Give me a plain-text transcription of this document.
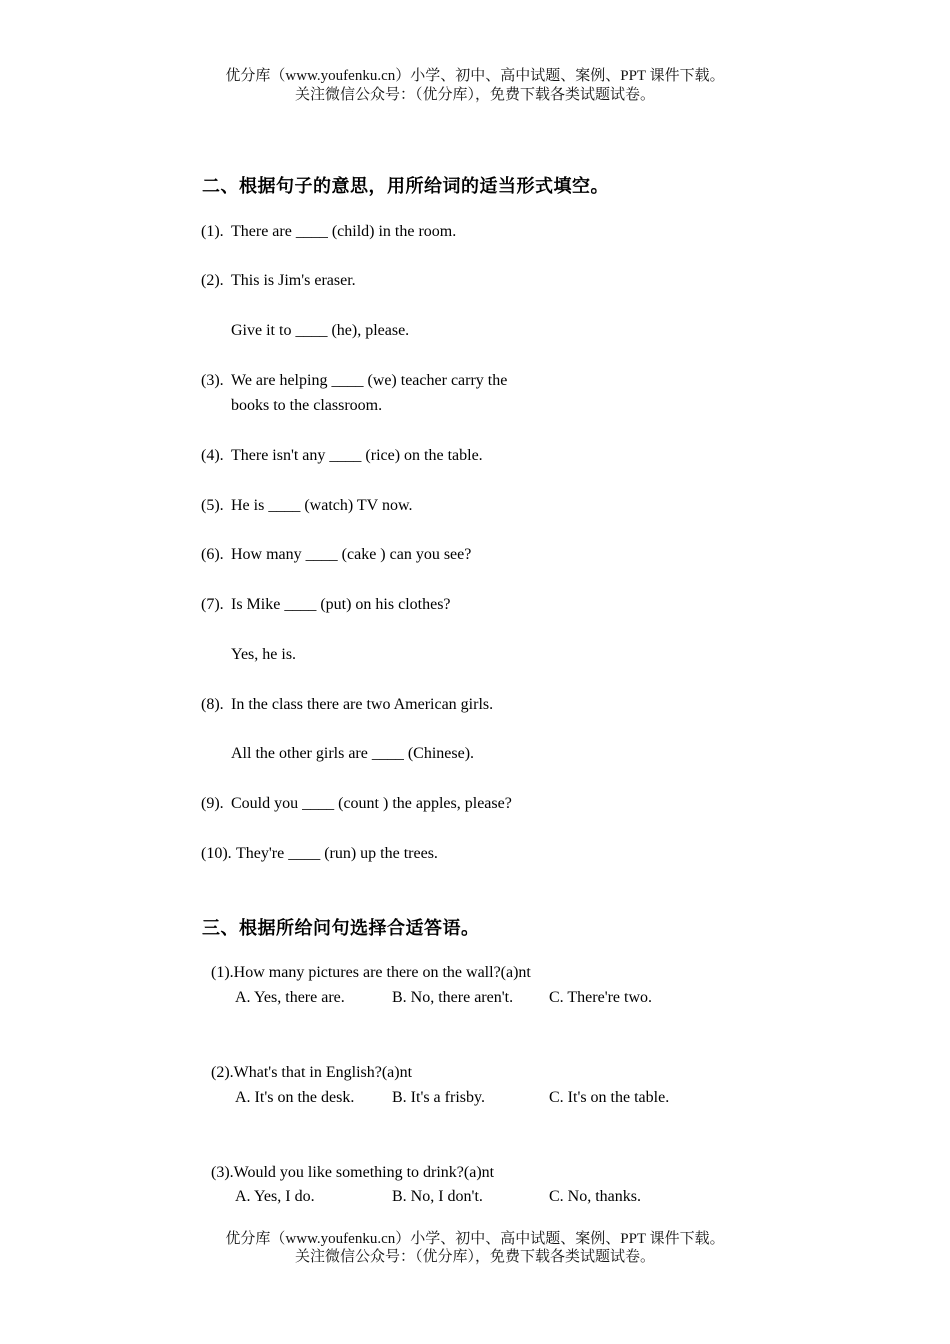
优分库（www.youfenku.cn）小学、初中、高中试题、案例、PPT 课件下载。
关注微信公众号：（优分库），免费下载各类试题试卷。
二、根据句子的意思，用所给词的适当形式填空。
(1). There are ____ (child) in the room.
(2). This is Jim's eraser.
Give it to ____ (he), please.
(3). We are helping ____ (we) teacher carry the
books to the classroom.
(4). There isn't any ____ (rice) on the table.
(5). He is ____ (watch) TV now.
(6). How many ____ (cake ) can you see?
(7). Is Mike ____ (put) on his clothes?
Yes, he is.
(8). In the class there are two American girls.
All the other girls are ____ (Chinese).
(9). Could you ____ (count ) the apples, please?
(10). They're ____ (run) up the trees.
三、根据所给问句选择合适答语。
(1).How many pictures are there on the wall?(a)nt
A. Yes, there are.	B. No, there aren't. C. There're two.
(2).What's that in English?(a)nt
A. It's on the desk. B. It's a frisby.	C. It's on the table.
(3).Would you like something to drink?(a)nt
A. Yes, I do.	B. No, I don't.	C. No, thanks.
优分库（www.youfenku.cn）小学、初中、高中试题、案例、PPT 课件下载。
关注微信公众号：（优分库），免费下载各类试题试卷。
